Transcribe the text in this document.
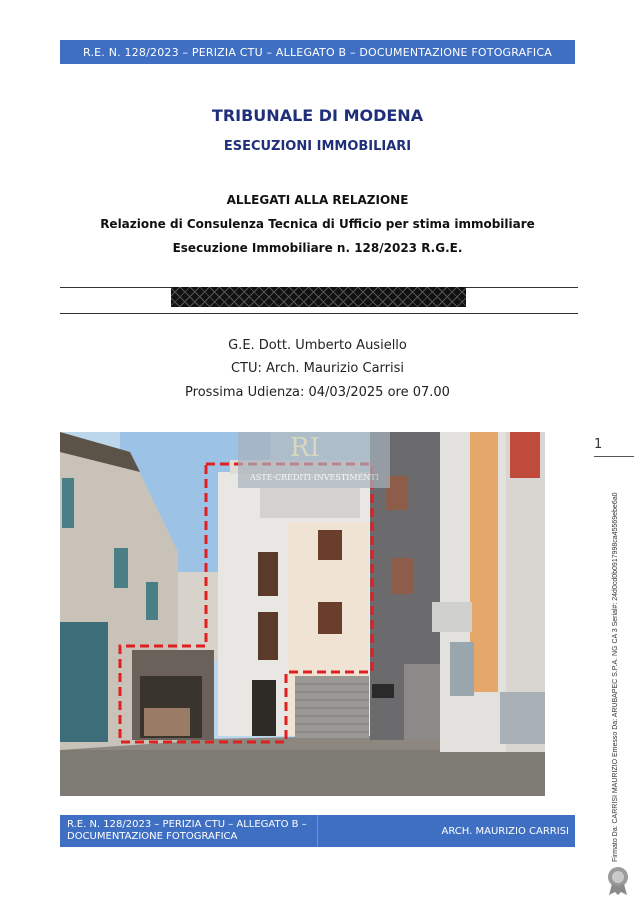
R.E. N. 128/2023 – PERIZIA CTU – ALLEGATO B – DOCUMENTAZIONE FOTOGRAFICA
TRIBUNALE DI MODENA
ESECUZIONI IMMOBILIARI
ALLEGATI ALLA RELAZIONE
Relazione di Consulenza Tecnica di Ufficio per stima immobiliare
Esecuzione Immobiliare n. 128/2023 R.G.E.
G.E. Dott. Umberto Ausiello
CTU: Arch. Maurizio Carrisi
Prossima Udienza: 04/03/2025 ore 07.00
RI
ASTE·CREDITI·INVESTIMENTI
1
Firmato Da: CARRISI MAURIZIO Emesso Da: ARUBAPEC S.P.A. NG CA 3 Serial#: 24d0cd0b0917998ca45569ebe6a0
R.E. N. 128/2023 – PERIZIA CTU – ALLEGATO B – DOCUMENTAZIONE FOTOGRAFICA	ARCH. MAURIZIO CARRISI
